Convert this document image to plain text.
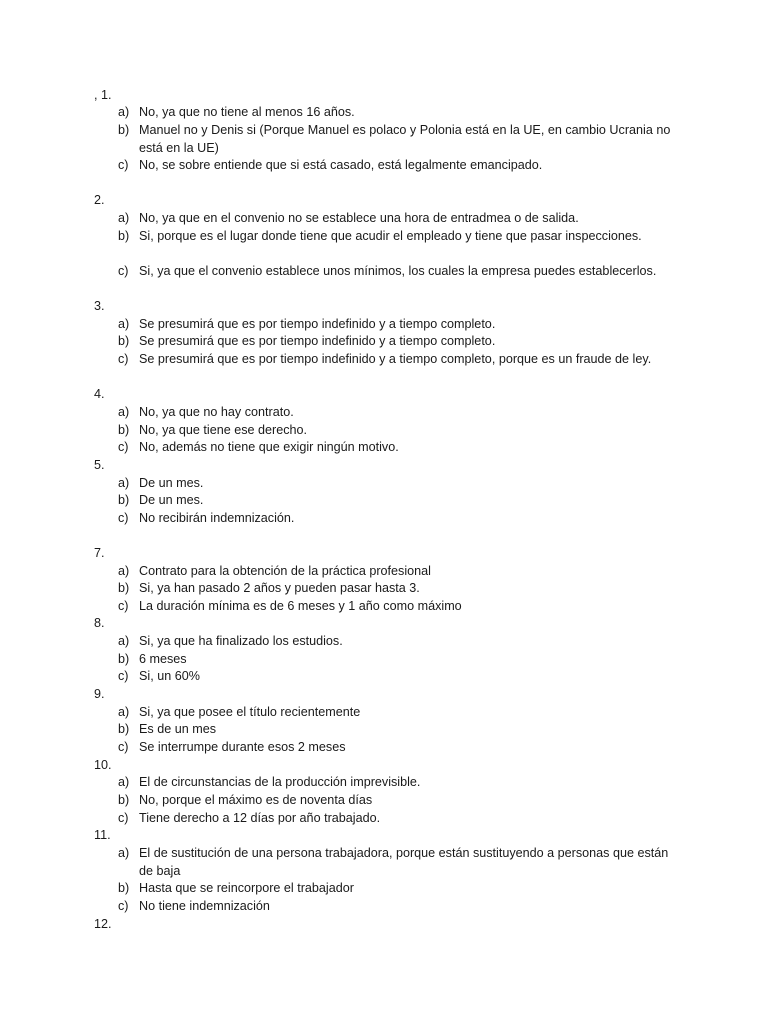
, 1.
a) No, ya que no tiene al menos 16 años.
b) Manuel no y Denis si (Porque Manuel es polaco y Polonia está en la UE, en cambio Ucrania no está en la UE)
c) No, se sobre entiende que si está casado, está legalmente emancipado.
2.
a) No, ya que en el convenio no se establece una hora de entradmea o de salida.
b) Si, porque es el lugar donde tiene que acudir el empleado y tiene que pasar inspecciones.
c) Si, ya que el convenio establece unos mínimos, los cuales la empresa puedes establecerlos.
3.
a) Se presumirá que es por tiempo indefinido y a tiempo completo.
b) Se presumirá que es por tiempo indefinido y a tiempo completo.
c) Se presumirá que es por tiempo indefinido y a tiempo completo, porque es un fraude de ley.
4.
a) No, ya que no hay contrato.
b) No, ya que tiene ese derecho.
c) No, además no tiene que exigir ningún motivo.
5.
a) De un mes.
b) De un mes.
c) No recibirán indemnización.
7.
a) Contrato para la obtención de la práctica profesional
b) Si, ya han pasado 2 años y pueden pasar hasta 3.
c) La duración mínima es de 6 meses y 1 año como máximo
8.
a) Si, ya que ha finalizado los estudios.
b) 6 meses
c) Si, un 60%
9.
a) Si, ya que posee el título recientemente
b) Es de un mes
c) Se interrumpe durante esos 2 meses
10.
a) El de circunstancias de la producción imprevisible.
b) No, porque el máximo es de noventa días
c) Tiene derecho a 12 días por año trabajado.
11.
a) El de sustitución de una persona trabajadora, porque están sustituyendo a personas que están de baja
b) Hasta que se reincorpore el trabajador
c) No tiene indemnización
12.
